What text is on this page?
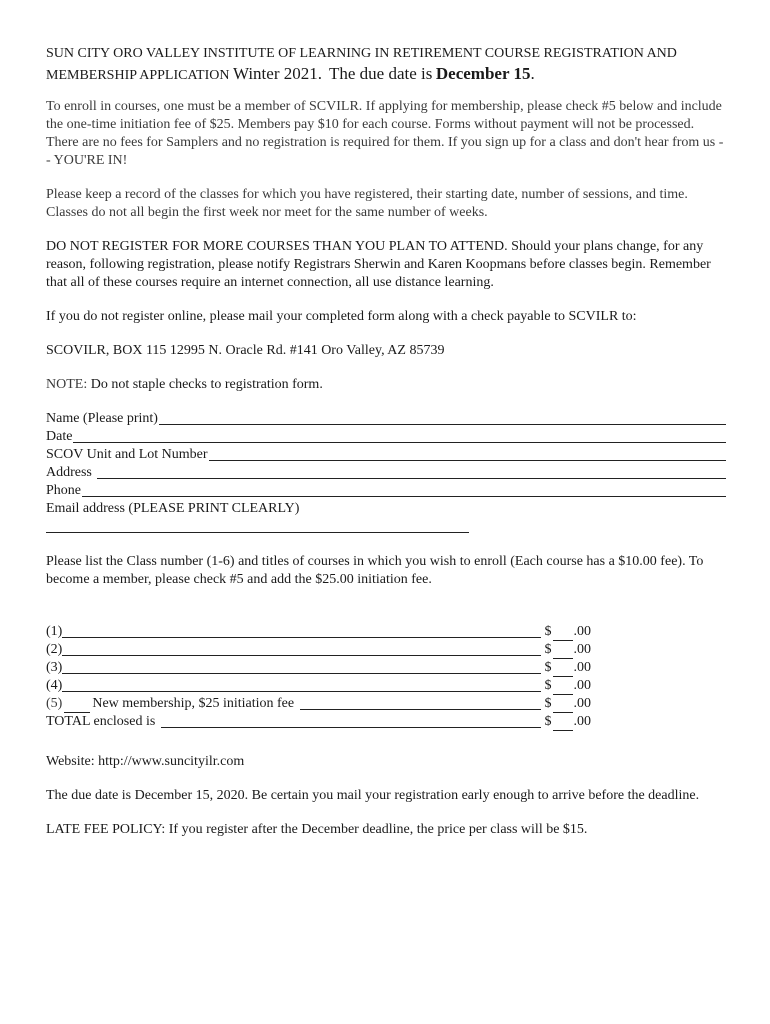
SUN CITY ORO VALLEY INSTITUTE OF LEARNING IN RETIREMENT COURSE REGISTRATION AND MEMBERSHIP APPLICATION Winter 2021. The due date is December 15.

To enroll in courses, one must be a member of SCVILR. If applying for membership, please check #5 below and include the one-time initiation fee of $25. Members pay $10 for each course. Forms without payment will not be processed. There are no fees for Samplers and no registration is required for them. If you sign up for a class and don't hear from us -- YOU'RE IN!

Please keep a record of the classes for which you have registered, their starting date, number of sessions, and time. Classes do not all begin the first week nor meet for the same number of weeks.

DO NOT REGISTER FOR MORE COURSES THAN YOU PLAN TO ATTEND. Should your plans change, for any reason, following registration, please notify Registrars Sherwin and Karen Koopmans before classes begin. Remember that all of these courses require an internet connection, all use distance learning.

If you do not register online, please mail your completed form along with a check payable to SCVILR to:

SCOVILR, BOX 115 12995 N. Oracle Rd. #141 Oro Valley, AZ 85739

NOTE: Do not staple checks to registration form.

Name (Please print)
Date
SCOV Unit and Lot Number
Address
Phone
Email address (PLEASE PRINT CLEARLY)

Please list the Class number (1-6) and titles of courses in which you wish to enroll (Each course has a $10.00 fee). To become a member, please check #5 and add the $25.00 initiation fee.

(1)	$ .00
(2)	$ .00
(3)	$ .00
(4)	$ .00
(5) New membership, $25 initiation fee	$ .00
TOTAL enclosed is	$ .00

Website: http://www.suncityilr.com

The due date is December 15, 2020. Be certain you mail your registration early enough to arrive before the deadline.

LATE FEE POLICY: If you register after the December deadline, the price per class will be $15.
